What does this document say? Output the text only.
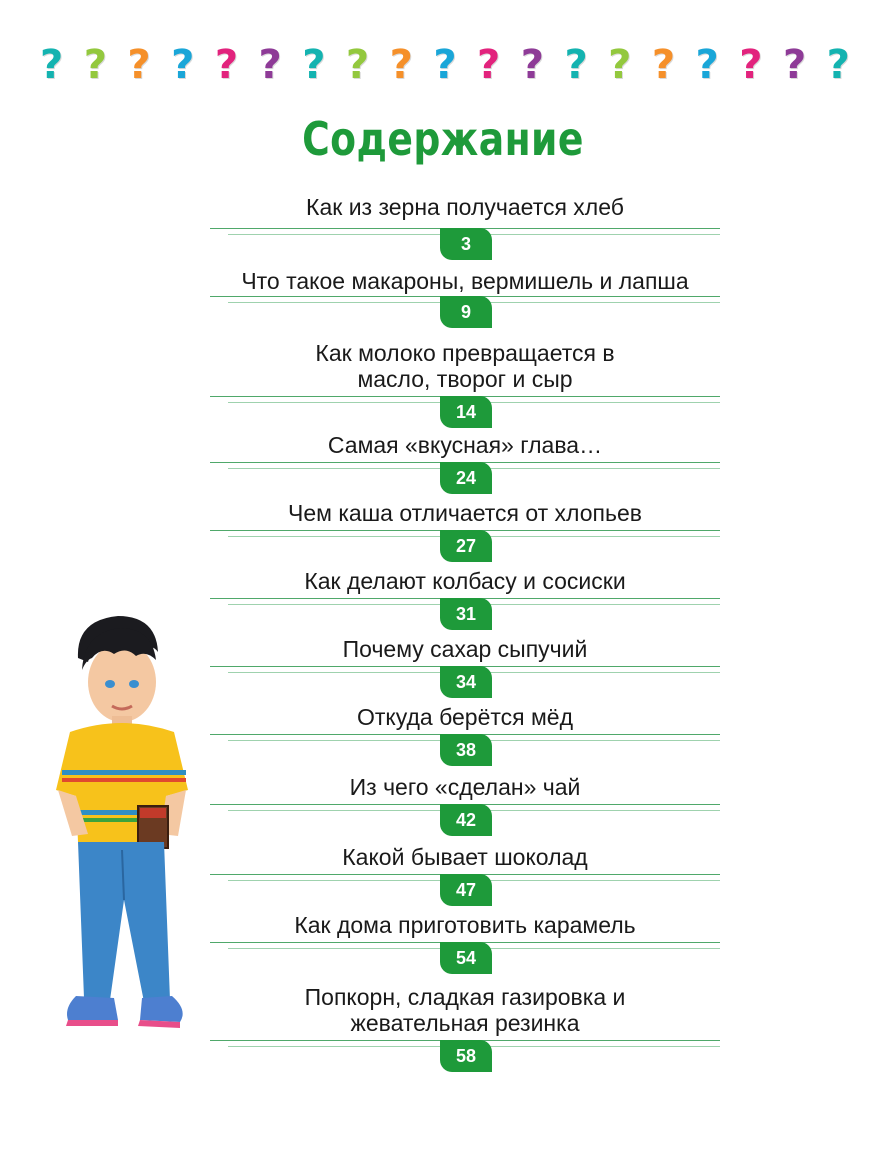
? ? ? ? ? ? ? ? ? ? ? ? ? ? ? ? ? ? ?
Содержание
Как из зерна получается хлеб
3
Что такое макароны, вермишель и лапша
9
Как молоко превращается в масло, творог и сыр
14
Самая «вкусная» глава…
24
Чем каша отличается от хлопьев
27
Как делают колбасу и сосиски
31
Почему сахар сыпучий
34
Откуда берётся мёд
38
Из чего «сделан» чай
42
Какой бывает шоколад
47
Как дома приготовить карамель
54
Попкорн, сладкая газировка и жевательная резинка
58
